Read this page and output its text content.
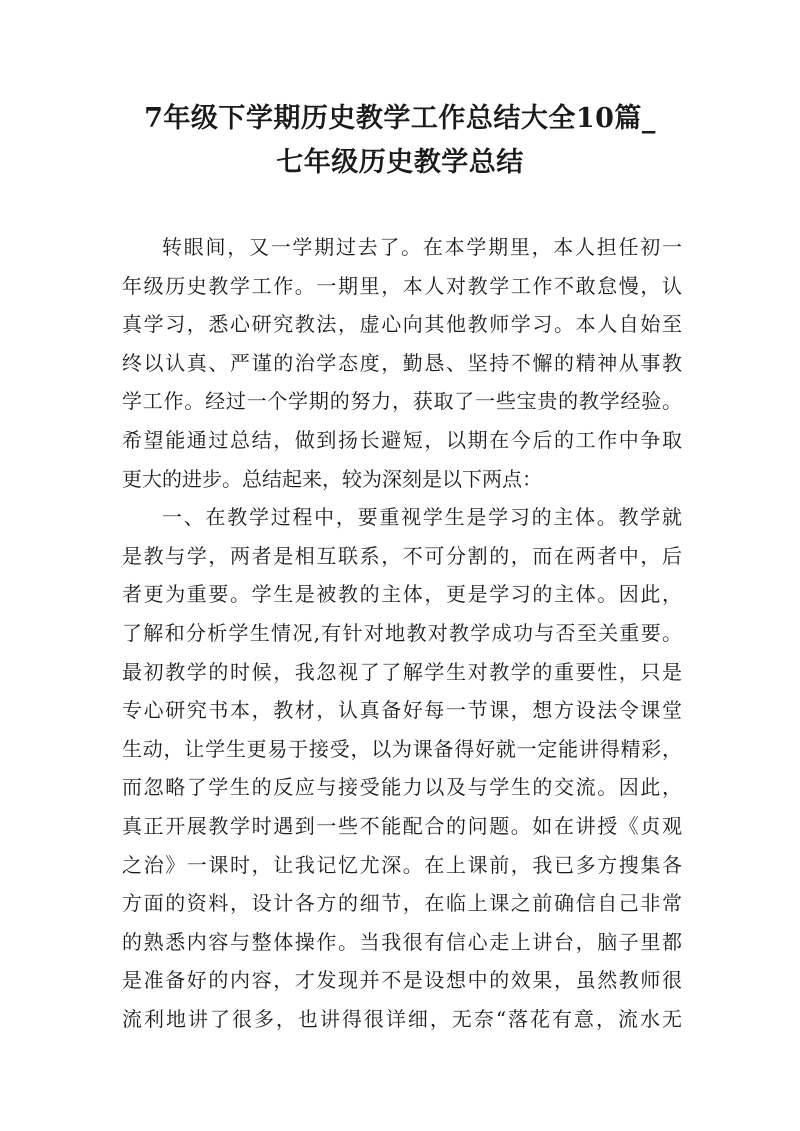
7年级下学期历史教学工作总结大全10篇_
七年级历史教学总结
转眼间，又一学期过去了。在本学期里，本人担任初一
年级历史教学工作。一期里，本人对教学工作不敢怠慢，认
真学习，悉心研究教法，虚心向其他教师学习。本人自始至
终以认真、严谨的治学态度，勤恳、坚持不懈的精神从事教
学工作。经过一个学期的努力，获取了一些宝贵的教学经验。
希望能通过总结，做到扬长避短，以期在今后的工作中争取
更大的进步。总结起来，较为深刻是以下两点：
一、在教学过程中，要重视学生是学习的主体。教学就
是教与学，两者是相互联系，不可分割的，而在两者中，后
者更为重要。学生是被教的主体，更是学习的主体。因此，
了解和分析学生情况,有针对地教对教学成功与否至关重要。
最初教学的时候，我忽视了了解学生对教学的重要性，只是
专心研究书本，教材，认真备好每一节课，想方设法令课堂
生动，让学生更易于接受，以为课备得好就一定能讲得精彩，
而忽略了学生的反应与接受能力以及与学生的交流。因此，
真正开展教学时遇到一些不能配合的问题。如在讲授《贞观
之治》一课时，让我记忆尤深。在上课前，我已多方搜集各
方面的资料，设计各方的细节，在临上课之前确信自己非常
的熟悉内容与整体操作。当我很有信心走上讲台，脑子里都
是准备好的内容，才发现并不是设想中的效果，虽然教师很
流利地讲了很多，也讲得很详细，无奈“落花有意，流水无
